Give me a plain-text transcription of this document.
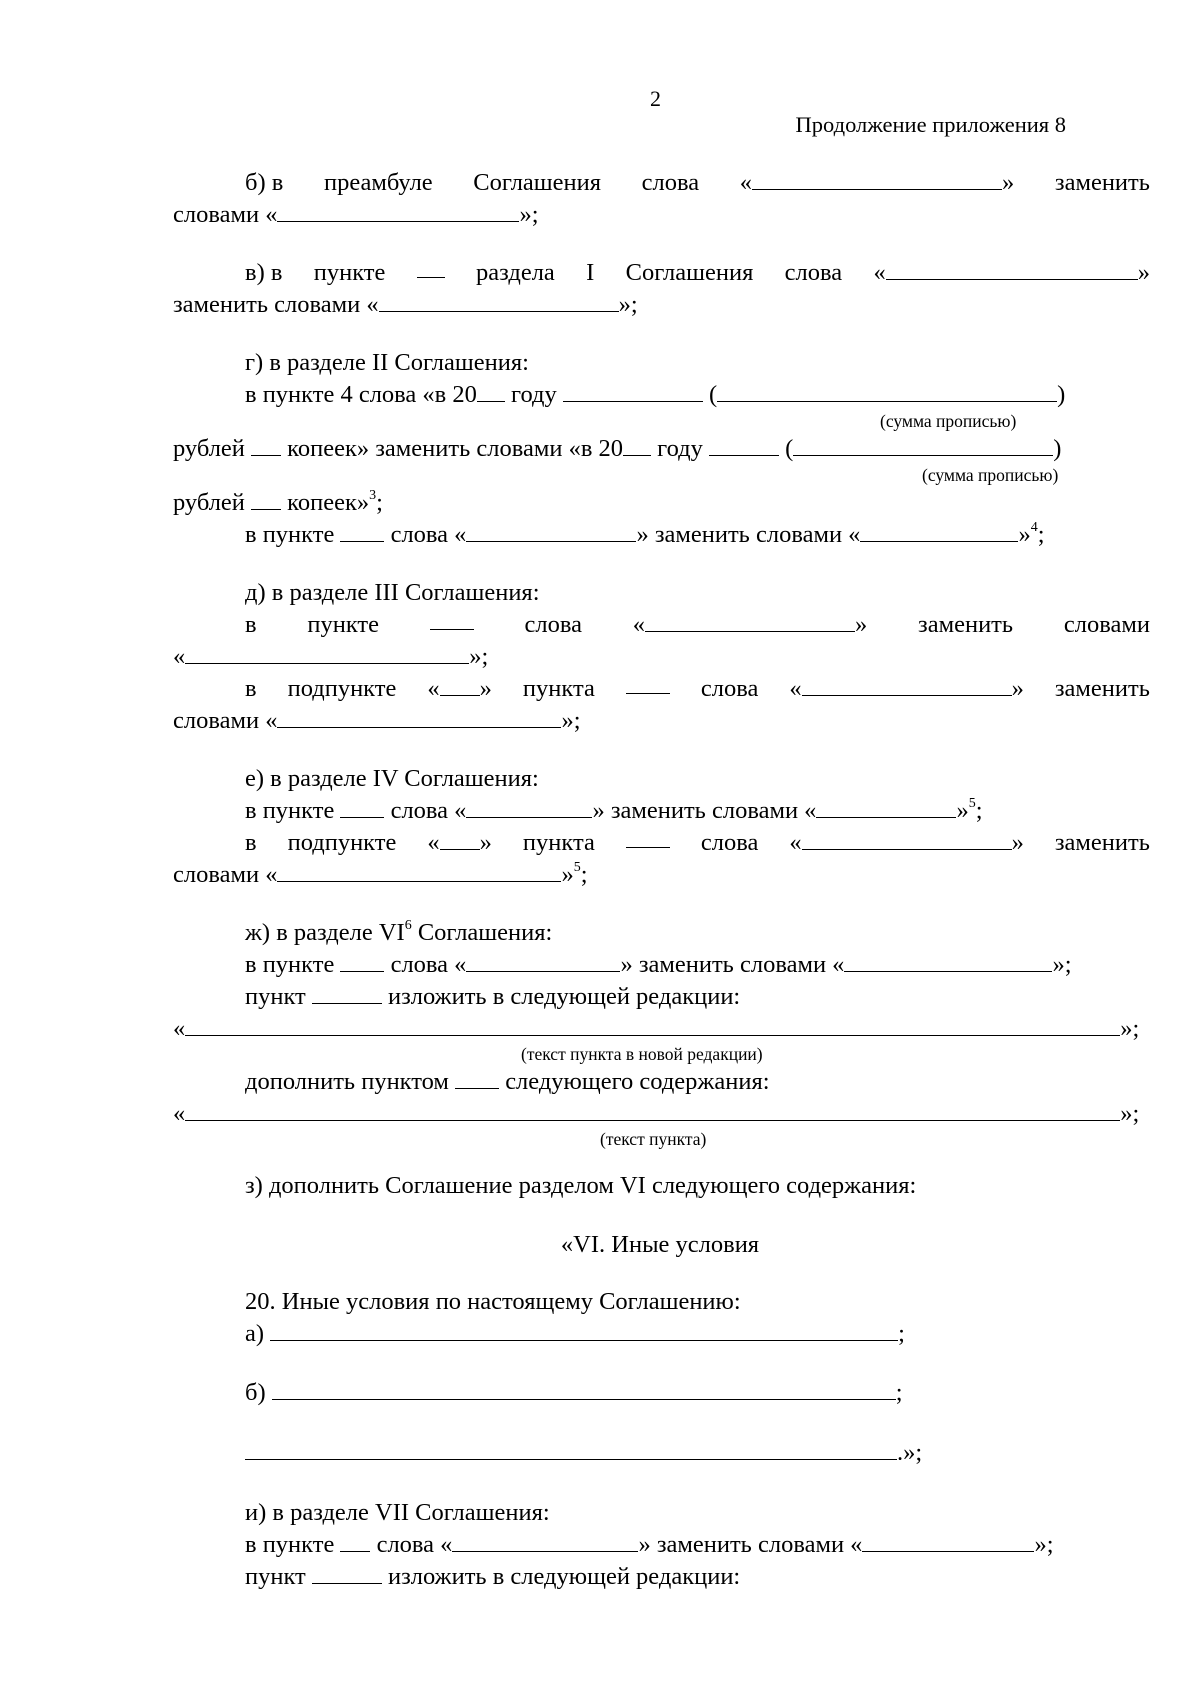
2
Продолжение приложения 8
б) в преамбуле Соглашения слова «	» заменить
словами «	»;
в) в пункте	раздела I Соглашения слова «	»
заменить словами «	»;
г) в разделе II Соглашения:
в пункте 4 слова «в 20 году	(	)
(сумма прописью)
рублей копеек» заменить словами «в 20 году	(	)
(сумма прописью)
рублей копеек»$^3$;
в пункте слова «	» заменить словами «	»$^4$;
д) в разделе III Соглашения:
в пункте	слова «	» заменить словами
«	»;
в подпункте « » пункта	слова «	» заменить
словами «	»;
е) в разделе IV Соглашения:
в пункте слова «	» заменить словами «	»$^5$;
в подпункте « » пункта	слова «	» заменить
словами «	»$^5$;
ж) в разделе $VI^6$ Соглашения:
в пункте слова «	» заменить словами «	»;
пункт	изложить в следующей редакции:
«	»;
(текст пункта в новой редакции)
дополнить пунктом следующего содержания:
«	»;
(текст пункта)
з) дополнить Соглашение разделом VI следующего содержания:
«VI. Иные условия
20. Иные условия по настоящему Соглашению:
а)	;
б)	;
.»;
и) в разделе VII Соглашения:
в пункте слова «	» заменить словами «	»;
пункт	изложить в следующей редакции:
